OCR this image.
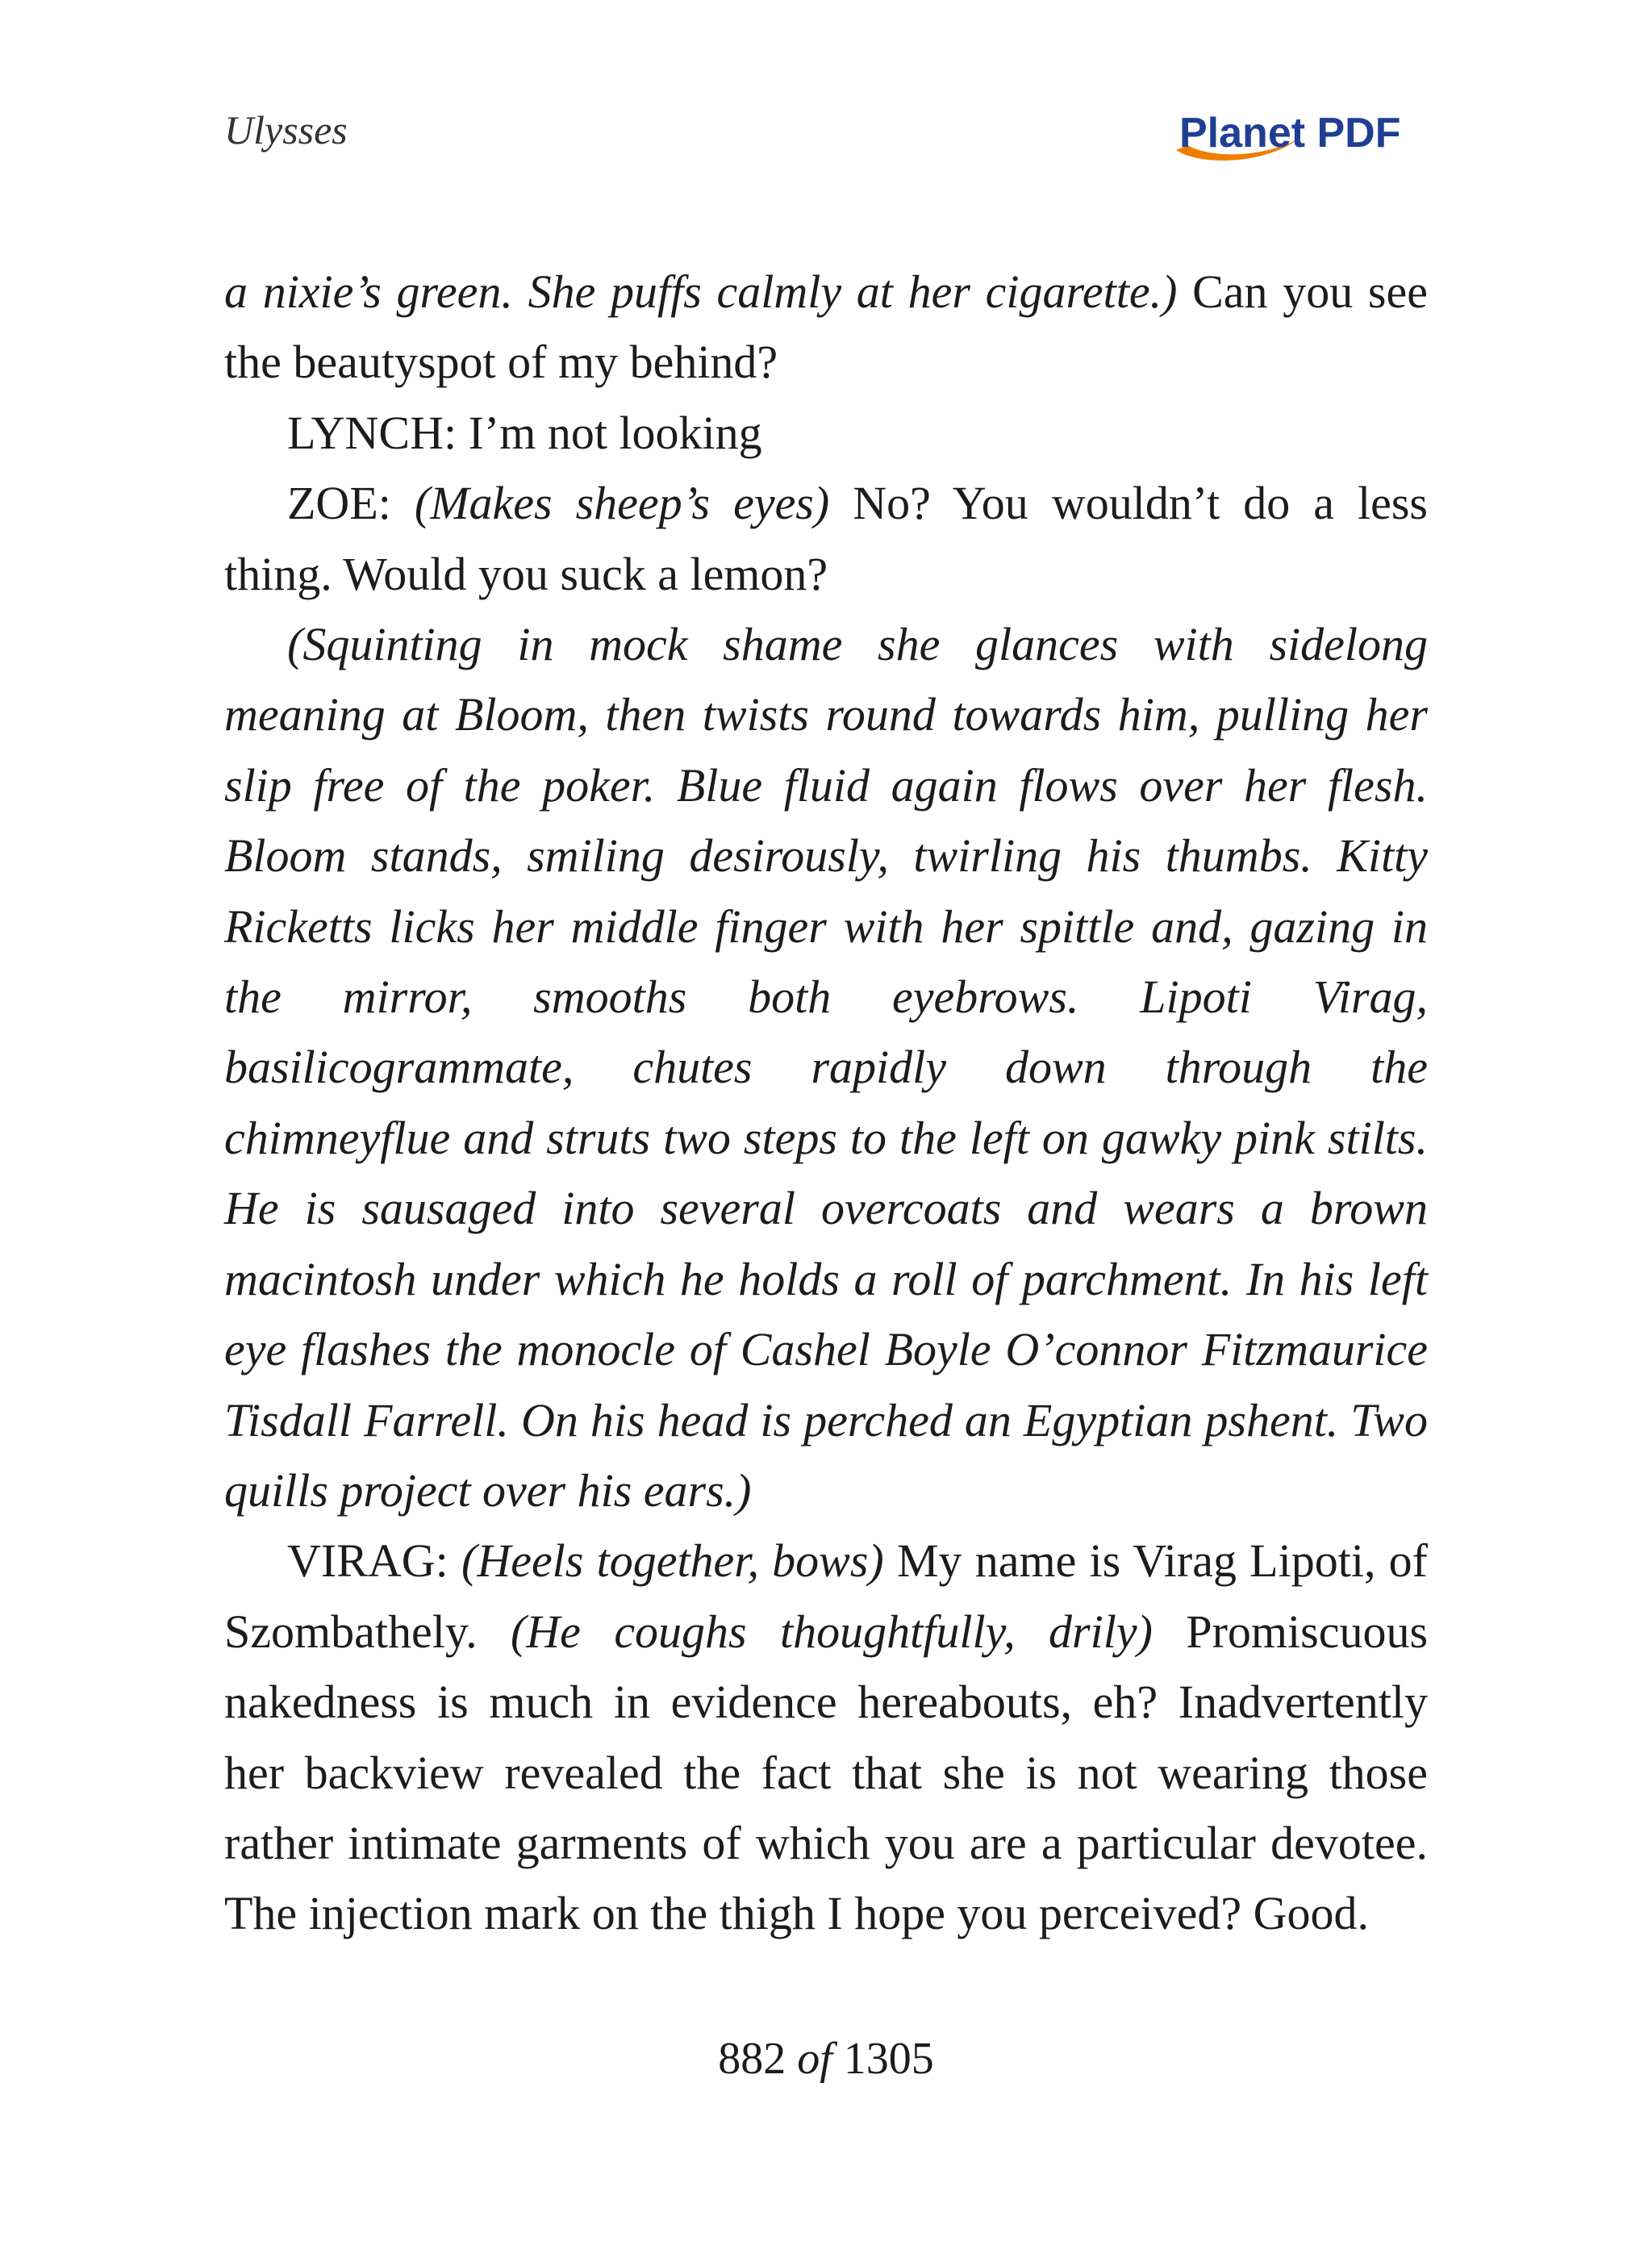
Ulysses	Planet PDF

a nixie’s green. She puffs calmly at her cigarette.) Can you see the beautyspot of my behind?

LYNCH: I’m not looking

ZOE: (Makes sheep’s eyes) No? You wouldn’t do a less thing. Would you suck a lemon?

(Squinting in mock shame she glances with sidelong meaning at Bloom, then twists round towards him, pulling her slip free of the poker. Blue fluid again flows over her flesh. Bloom stands, smiling desirously, twirling his thumbs. Kitty Ricketts licks her middle finger with her spittle and, gazing in the mirror, smooths both eyebrows. Lipoti Virag, basilicogrammate, chutes rapidly down through the chimneyflue and struts two steps to the left on gawky pink stilts. He is sausaged into several overcoats and wears a brown macintosh under which he holds a roll of parchment. In his left eye flashes the monocle of Cashel Boyle O’connor Fitzmaurice Tisdall Farrell. On his head is perched an Egyptian pshent. Two quills project over his ears.)

VIRAG: (Heels together, bows) My name is Virag Lipoti, of Szombathely. (He coughs thoughtfully, drily) Promiscuous nakedness is much in evidence hereabouts, eh? Inadvertently her backview revealed the fact that she is not wearing those rather intimate garments of which you are a particular devotee. The injection mark on the thigh I hope you perceived? Good.

882 of 1305
